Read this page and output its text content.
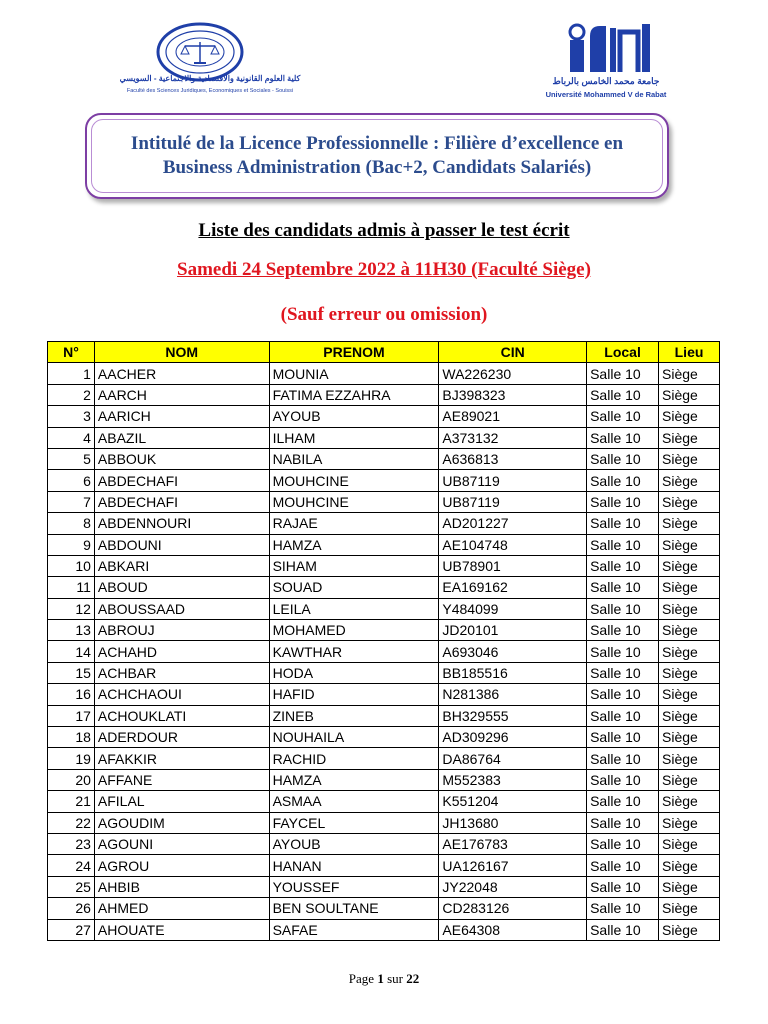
كلية العلوم القانونية والاقتصادية والاجتماعية - السويسي
Faculté des Sciences Juridiques, Economiques et Sociales - Souissi
جامعة محمد الخامس بالرباط
Université Mohammed V de Rabat
Intitulé de la Licence Professionnelle : Filière d’excellence en Business Administration (Bac+2, Candidats Salariés)
Liste des candidats admis à passer le test écrit
Samedi 24 Septembre 2022 à 11H30 (Faculté Siège)
(Sauf erreur ou omission)
N°	NOM	PRENOM	CIN	Local	Lieu
1	AACHER	MOUNIA	WA226230	Salle 10	Siège
2	AARCH	FATIMA EZZAHRA	BJ398323	Salle 10	Siège
3	AARICH	AYOUB	AE89021	Salle 10	Siège
4	ABAZIL	ILHAM	A373132	Salle 10	Siège
5	ABBOUK	NABILA	A636813	Salle 10	Siège
6	ABDECHAFI	MOUHCINE	UB87119	Salle 10	Siège
7	ABDECHAFI	MOUHCINE	UB87119	Salle 10	Siège
8	ABDENNOURI	RAJAE	AD201227	Salle 10	Siège
9	ABDOUNI	HAMZA	AE104748	Salle 10	Siège
10	ABKARI	SIHAM	UB78901	Salle 10	Siège
11	ABOUD	SOUAD	EA169162	Salle 10	Siège
12	ABOUSSAAD	LEILA	Y484099	Salle 10	Siège
13	ABROUJ	MOHAMED	JD20101	Salle 10	Siège
14	ACHAHD	KAWTHAR	A693046	Salle 10	Siège
15	ACHBAR	HODA	BB185516	Salle 10	Siège
16	ACHCHAOUI	HAFID	N281386	Salle 10	Siège
17	ACHOUKLATI	ZINEB	BH329555	Salle 10	Siège
18	ADERDOUR	NOUHAILA	AD309296	Salle 10	Siège
19	AFAKKIR	RACHID	DA86764	Salle 10	Siège
20	AFFANE	HAMZA	M552383	Salle 10	Siège
21	AFILAL	ASMAA	K551204	Salle 10	Siège
22	AGOUDIM	FAYCEL	JH13680	Salle 10	Siège
23	AGOUNI	AYOUB	AE176783	Salle 10	Siège
24	AGROU	HANAN	UA126167	Salle 10	Siège
25	AHBIB	YOUSSEF	JY22048	Salle 10	Siège
26	AHMED	BEN SOULTANE	CD283126	Salle 10	Siège
27	AHOUATE	SAFAE	AE64308	Salle 10	Siège
Page 1 sur 22
